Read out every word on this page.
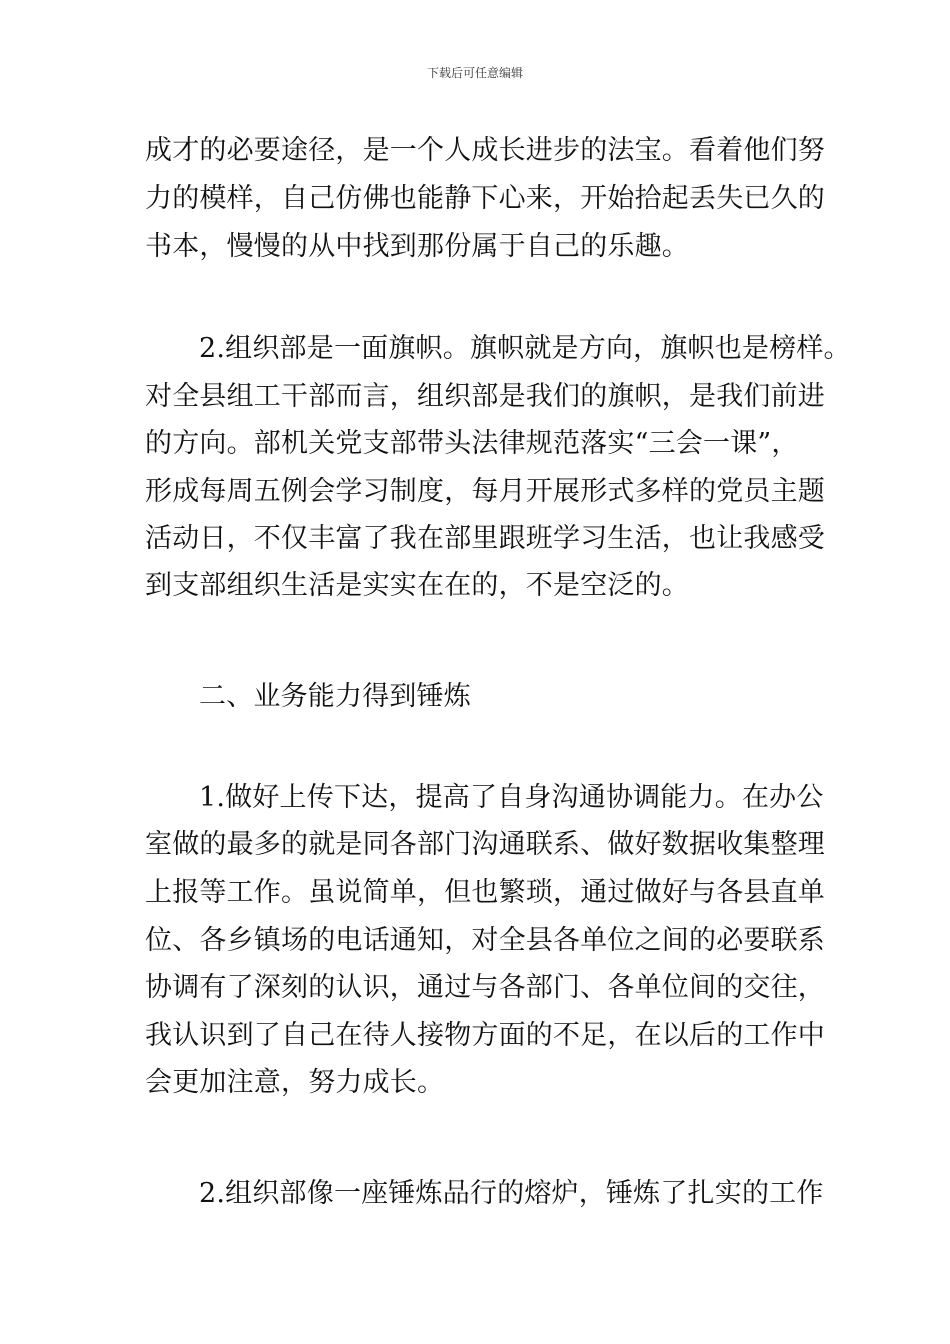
下载后可任意编辑
成才的必要途径，是一个人成长进步的法宝。看着他们努
力的模样，自己仿佛也能静下心来，开始拾起丢失已久的
书本，慢慢的从中找到那份属于自己的乐趣。
2.组织部是一面旗帜。旗帜就是方向，旗帜也是榜样。
对全县组工干部而言，组织部是我们的旗帜，是我们前进
的方向。部机关党支部带头法律规范落实“三会一课”，
形成每周五例会学习制度，每月开展形式多样的党员主题
活动日，不仅丰富了我在部里跟班学习生活，也让我感受
到支部组织生活是实实在在的，不是空泛的。
二、业务能力得到锤炼
1.做好上传下达，提高了自身沟通协调能力。在办公
室做的最多的就是同各部门沟通联系、做好数据收集整理
上报等工作。虽说简单，但也繁琐，通过做好与各县直单
位、各乡镇场的电话通知，对全县各单位之间的必要联系
协调有了深刻的认识，通过与各部门、各单位间的交往，
我认识到了自己在待人接物方面的不足，在以后的工作中
会更加注意，努力成长。
2.组织部像一座锤炼品行的熔炉，锤炼了扎实的工作
